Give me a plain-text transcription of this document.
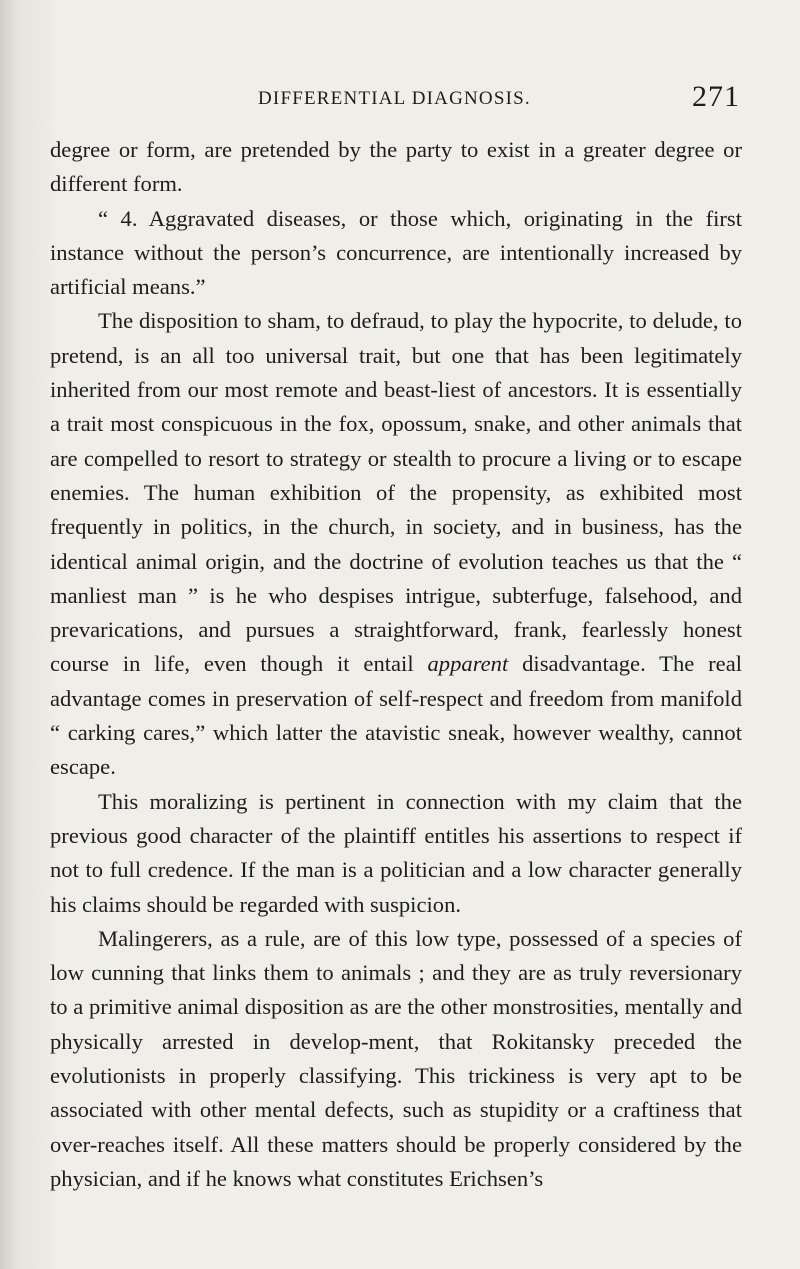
DIFFERENTIAL DIAGNOSIS.	271

degree or form, are pretended by the party to exist in a greater degree or different form.

“ 4. Aggravated diseases, or those which, originating in the first instance without the person’s concurrence, are intentionally increased by artificial means.”

The disposition to sham, to defraud, to play the hypocrite, to delude, to pretend, is an all too universal trait, but one that has been legitimately inherited from our most remote and beast-liest of ancestors. It is essentially a trait most conspicuous in the fox, opossum, snake, and other animals that are compelled to resort to strategy or stealth to procure a living or to escape enemies. The human exhibition of the propensity, as exhibited most frequently in politics, in the church, in society, and in business, has the identical animal origin, and the doctrine of evolution teaches us that the “ manliest man ” is he who despises intrigue, subterfuge, falsehood, and prevarications, and pursues a straightforward, frank, fearlessly honest course in life, even though it entail apparent disadvantage. The real advantage comes in preservation of self-respect and freedom from manifold “ carking cares,” which latter the atavistic sneak, however wealthy, cannot escape.

This moralizing is pertinent in connection with my claim that the previous good character of the plaintiff entitles his assertions to respect if not to full credence. If the man is a politician and a low character generally his claims should be regarded with suspicion.

Malingerers, as a rule, are of this low type, possessed of a species of low cunning that links them to animals ; and they are as truly reversionary to a primitive animal disposition as are the other monstrosities, mentally and physically arrested in develop-ment, that Rokitansky preceded the evolutionists in properly classifying. This trickiness is very apt to be associated with other mental defects, such as stupidity or a craftiness that over-reaches itself. All these matters should be properly considered by the physician, and if he knows what constitutes Erichsen’s
